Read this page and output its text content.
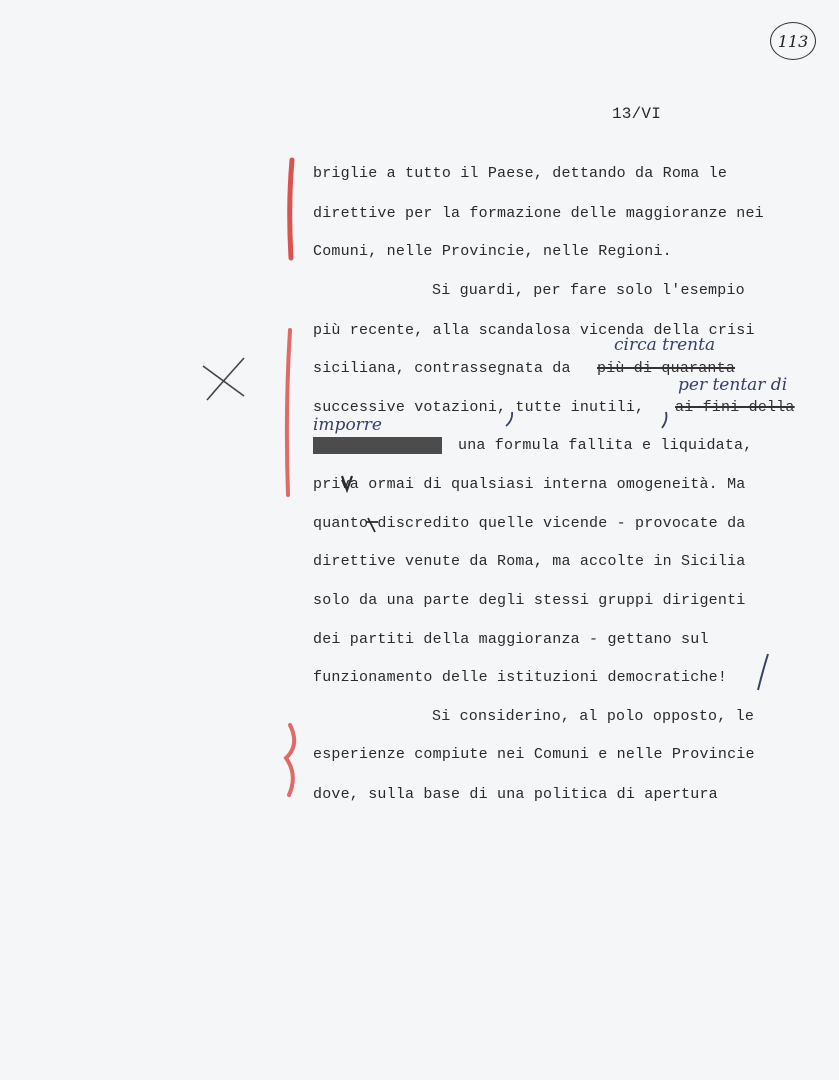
113
13/VI
briglie a tutto il Paese, dettando da Roma le
direttive per la formazione delle maggioranze nei
Comuni, nelle Provincie, nelle Regioni.
Si guardi, per fare solo l'esempio
più recente, alla scandalosa vicenda della crisi
siciliana, contrassegnata da più di quaranta
circa trenta
per tentar di
successive votazioni, tutte inutili, ai fini della
imporre
imposizione di una formula fallita e liquidata,
priva ormai di qualsiasi interna omogeneità. Ma
quanto discredito quelle vicende - provocate da
direttive venute da Roma, ma accolte in Sicilia
solo da una parte degli stessi gruppi dirigenti
dei partiti della maggioranza - gettano sul
funzionamento delle istituzioni democratiche!
Si considerino, al polo opposto, le
esperienze compiute nei Comuni e nelle Provincie
dove, sulla base di una politica di apertura
